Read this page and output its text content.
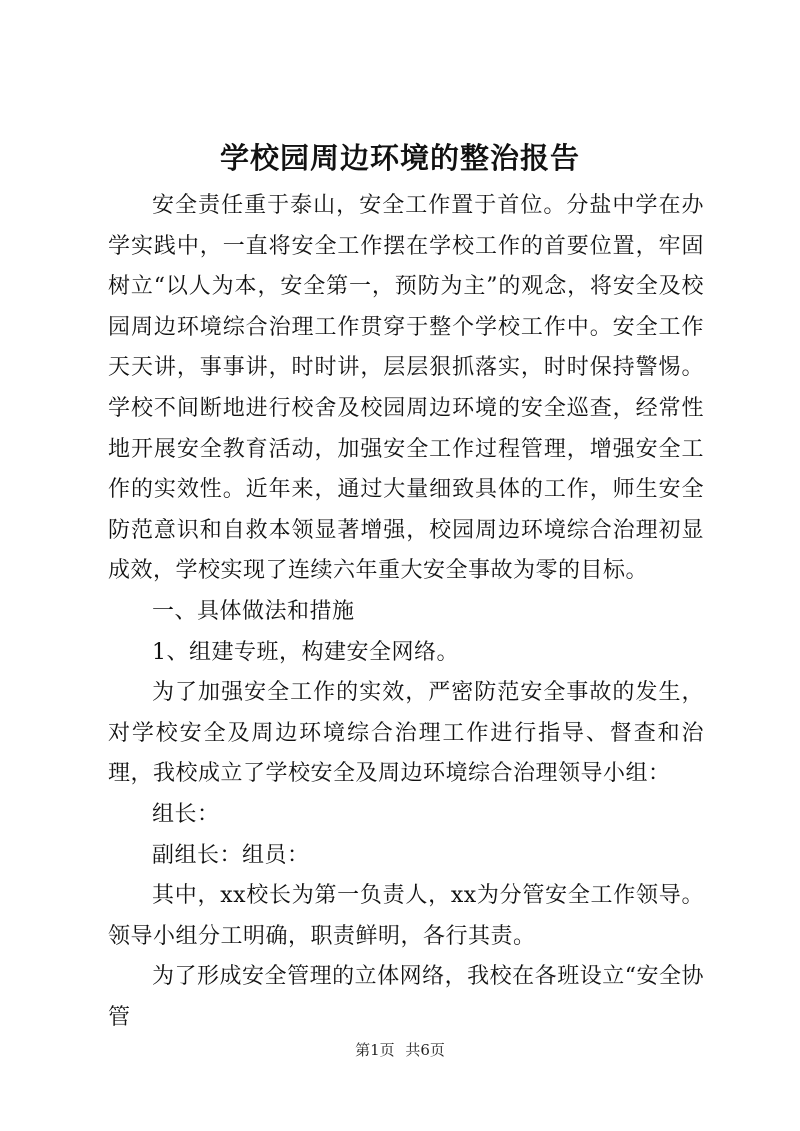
学校园周边环境的整治报告

安全责任重于泰山，安全工作置于首位。分盐中学在办学实践中，一直将安全工作摆在学校工作的首要位置，牢固树立“以人为本，安全第一，预防为主”的观念，将安全及校园周边环境综合治理工作贯穿于整个学校工作中。安全工作天天讲，事事讲，时时讲，层层狠抓落实，时时保持警惕。学校不间断地进行校舍及校园周边环境的安全巡查，经常性地开展安全教育活动，加强安全工作过程管理，增强安全工作的实效性。近年来，通过大量细致具体的工作，师生安全防范意识和自救本领显著增强，校园周边环境综合治理初显成效，学校实现了连续六年重大安全事故为零的目标。

一、具体做法和措施

1、组建专班，构建安全网络。

为了加强安全工作的实效，严密防范安全事故的发生，对学校安全及周边环境综合治理工作进行指导、督查和治理，我校成立了学校安全及周边环境综合治理领导小组：

组长：

副组长：组员：

其中，xx校长为第一负责人，xx为分管安全工作领导。领导小组分工明确，职责鲜明，各行其责。

为了形成安全管理的立体网络，我校在各班设立“安全协管

第1页 共6页
